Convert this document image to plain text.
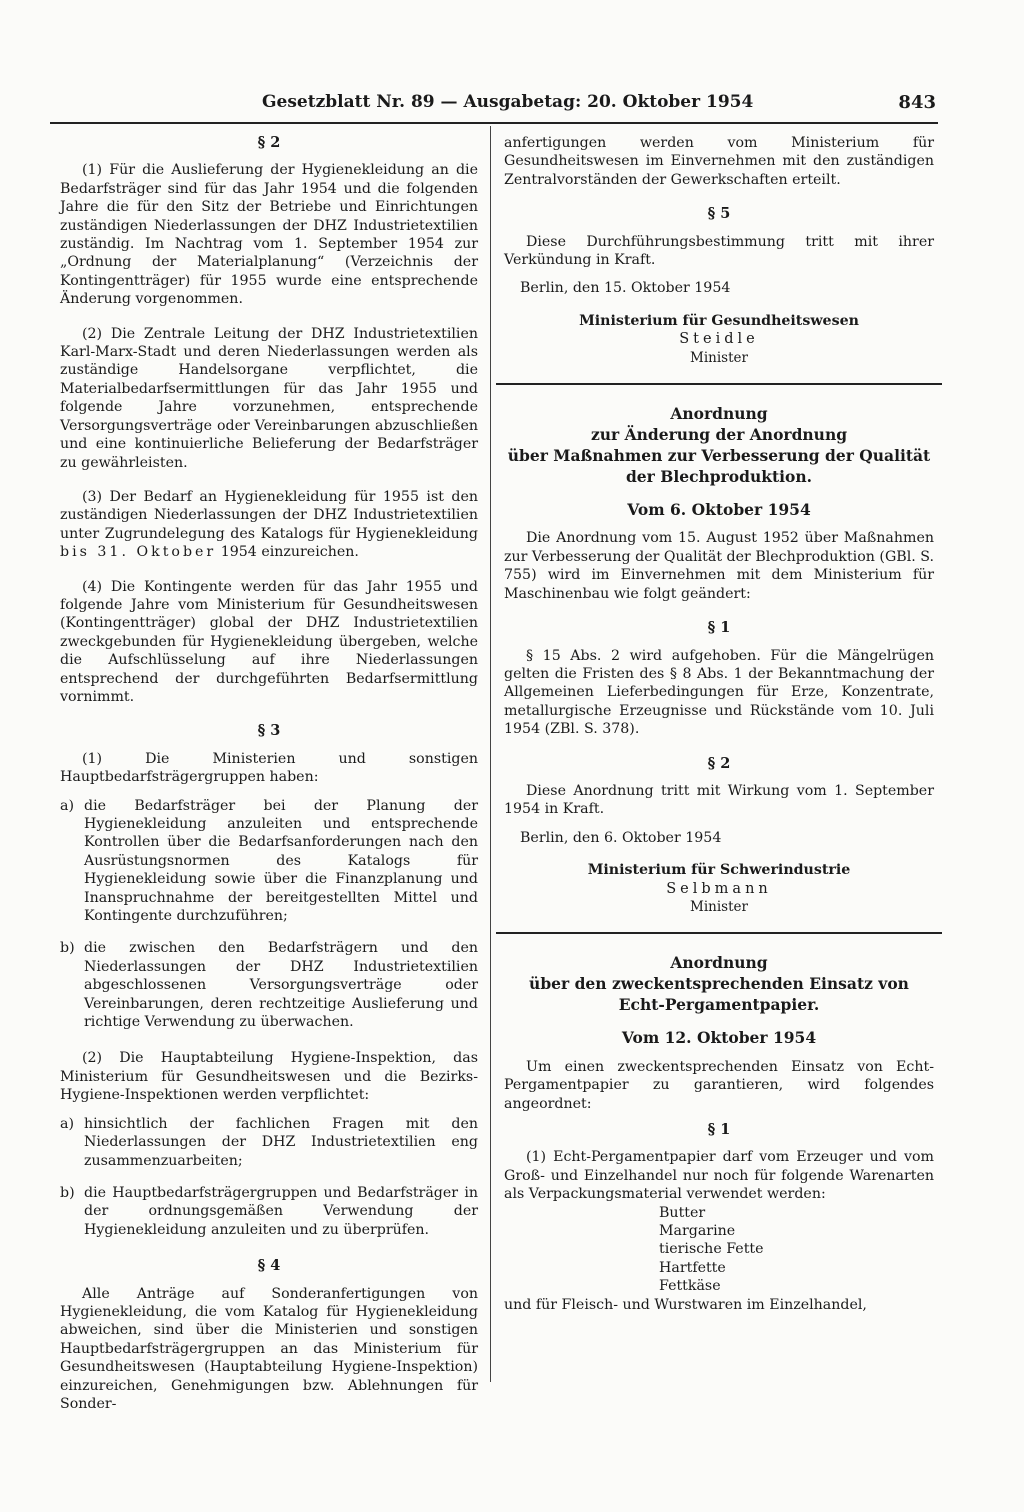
Gesetzblatt Nr. 89 — Ausgabetag: 20. Oktober 1954	843
§ 2

(1) Für die Auslieferung der Hygienekleidung an die Bedarfsträger sind für das Jahr 1954 und die folgenden Jahre die für den Sitz der Betriebe und Einrichtungen zuständigen Niederlassungen der DHZ Industrietextilien zuständig. Im Nachtrag vom 1. September 1954 zur „Ordnung der Materialplanung“ (Verzeichnis der Kontingentträger) für 1955 wurde eine entsprechende Änderung vorgenommen.

(2) Die Zentrale Leitung der DHZ Industrietextilien Karl-Marx-Stadt und deren Niederlassungen werden als zuständige Handelsorgane verpflichtet, die Materialbedarfsermittlungen für das Jahr 1955 und folgende Jahre vorzunehmen, entsprechende Versorgungsverträge oder Vereinbarungen abzuschließen und eine kontinuierliche Belieferung der Bedarfsträger zu gewährleisten.

(3) Der Bedarf an Hygienekleidung für 1955 ist den zuständigen Niederlassungen der DHZ Industrietextilien unter Zugrundelegung des Katalogs für Hygienekleidung bis 31. Oktober 1954 einzureichen.

(4) Die Kontingente werden für das Jahr 1955 und folgende Jahre vom Ministerium für Gesundheitswesen (Kontingentträger) global der DHZ Industrietextilien zweckgebunden für Hygienekleidung übergeben, welche die Aufschlüsselung auf ihre Niederlassungen entsprechend der durchgeführten Bedarfsermittlung vornimmt.

§ 3

(1) Die Ministerien und sonstigen Hauptbedarfsträgergruppen haben:

a) die Bedarfsträger bei der Planung der Hygienekleidung anzuleiten und entsprechende Kontrollen über die Bedarfsanforderungen nach den Ausrüstungsnormen des Katalogs für Hygienekleidung sowie über die Finanzplanung und Inanspruchnahme der bereitgestellten Mittel und Kontingente durchzuführen;
b) die zwischen den Bedarfsträgern und den Niederlassungen der DHZ Industrietextilien abgeschlossenen Versorgungsverträge oder Vereinbarungen, deren rechtzeitige Auslieferung und richtige Verwendung zu überwachen.

(2) Die Hauptabteilung Hygiene-Inspektion, das Ministerium für Gesundheitswesen und die Bezirks-Hygiene-Inspektionen werden verpflichtet:

a) hinsichtlich der fachlichen Fragen mit den Niederlassungen der DHZ Industrietextilien eng zusammenzuarbeiten;
b) die Hauptbedarfsträgergruppen und Bedarfsträger in der ordnungsgemäßen Verwendung der Hygienekleidung anzuleiten und zu überprüfen.
§ 4

Alle Anträge auf Sonderanfertigungen von Hygienekleidung, die vom Katalog für Hygienekleidung abweichen, sind über die Ministerien und sonstigen Hauptbedarfsträgergruppen an das Ministerium für Gesundheitswesen (Hauptabteilung Hygiene-Inspektion) einzureichen, Genehmigungen bzw. Ablehnungen für Sonder-

anfertigungen werden vom Ministerium für Gesundheitswesen im Einvernehmen mit den zuständigen Zentralvorständen der Gewerkschaften erteilt.

§ 5

Diese Durchführungsbestimmung tritt mit ihrer Verkündung in Kraft.

Berlin, den 15. Oktober 1954

Ministerium für Gesundheitswesen
Steidle
Minister
Anordnung
zur Änderung der Anordnung
über Maßnahmen zur Verbesserung der Qualität
der Blechproduktion.
Vom 6. Oktober 1954

Die Anordnung vom 15. August 1952 über Maßnahmen zur Verbesserung der Qualität der Blechproduktion (GBl. S. 755) wird im Einvernehmen mit dem Ministerium für Maschinenbau wie folgt geändert:

§ 1

§ 15 Abs. 2 wird aufgehoben. Für die Mängelrügen gelten die Fristen des § 8 Abs. 1 der Bekanntmachung der Allgemeinen Lieferbedingungen für Erze, Konzentrate, metallurgische Erzeugnisse und Rückstände vom 10. Juli 1954 (ZBl. S. 378).

§ 2

Diese Anordnung tritt mit Wirkung vom 1. September 1954 in Kraft.

Berlin, den 6. Oktober 1954

Ministerium für Schwerindustrie
Selbmann
Minister
Anordnung
über den zweckentsprechenden Einsatz von
Echt-Pergamentpapier.
Vom 12. Oktober 1954

Um einen zweckentsprechenden Einsatz von Echt-Pergamentpapier zu garantieren, wird folgendes angeordnet:

§ 1

(1) Echt-Pergamentpapier darf vom Erzeuger und vom Groß- und Einzelhandel nur noch für folgende Warenarten als Verpackungsmaterial verwendet werden:

Butter
Margarine
tierische Fette
Hartfette
Fettkäse

und für Fleisch- und Wurstwaren im Einzelhandel,
